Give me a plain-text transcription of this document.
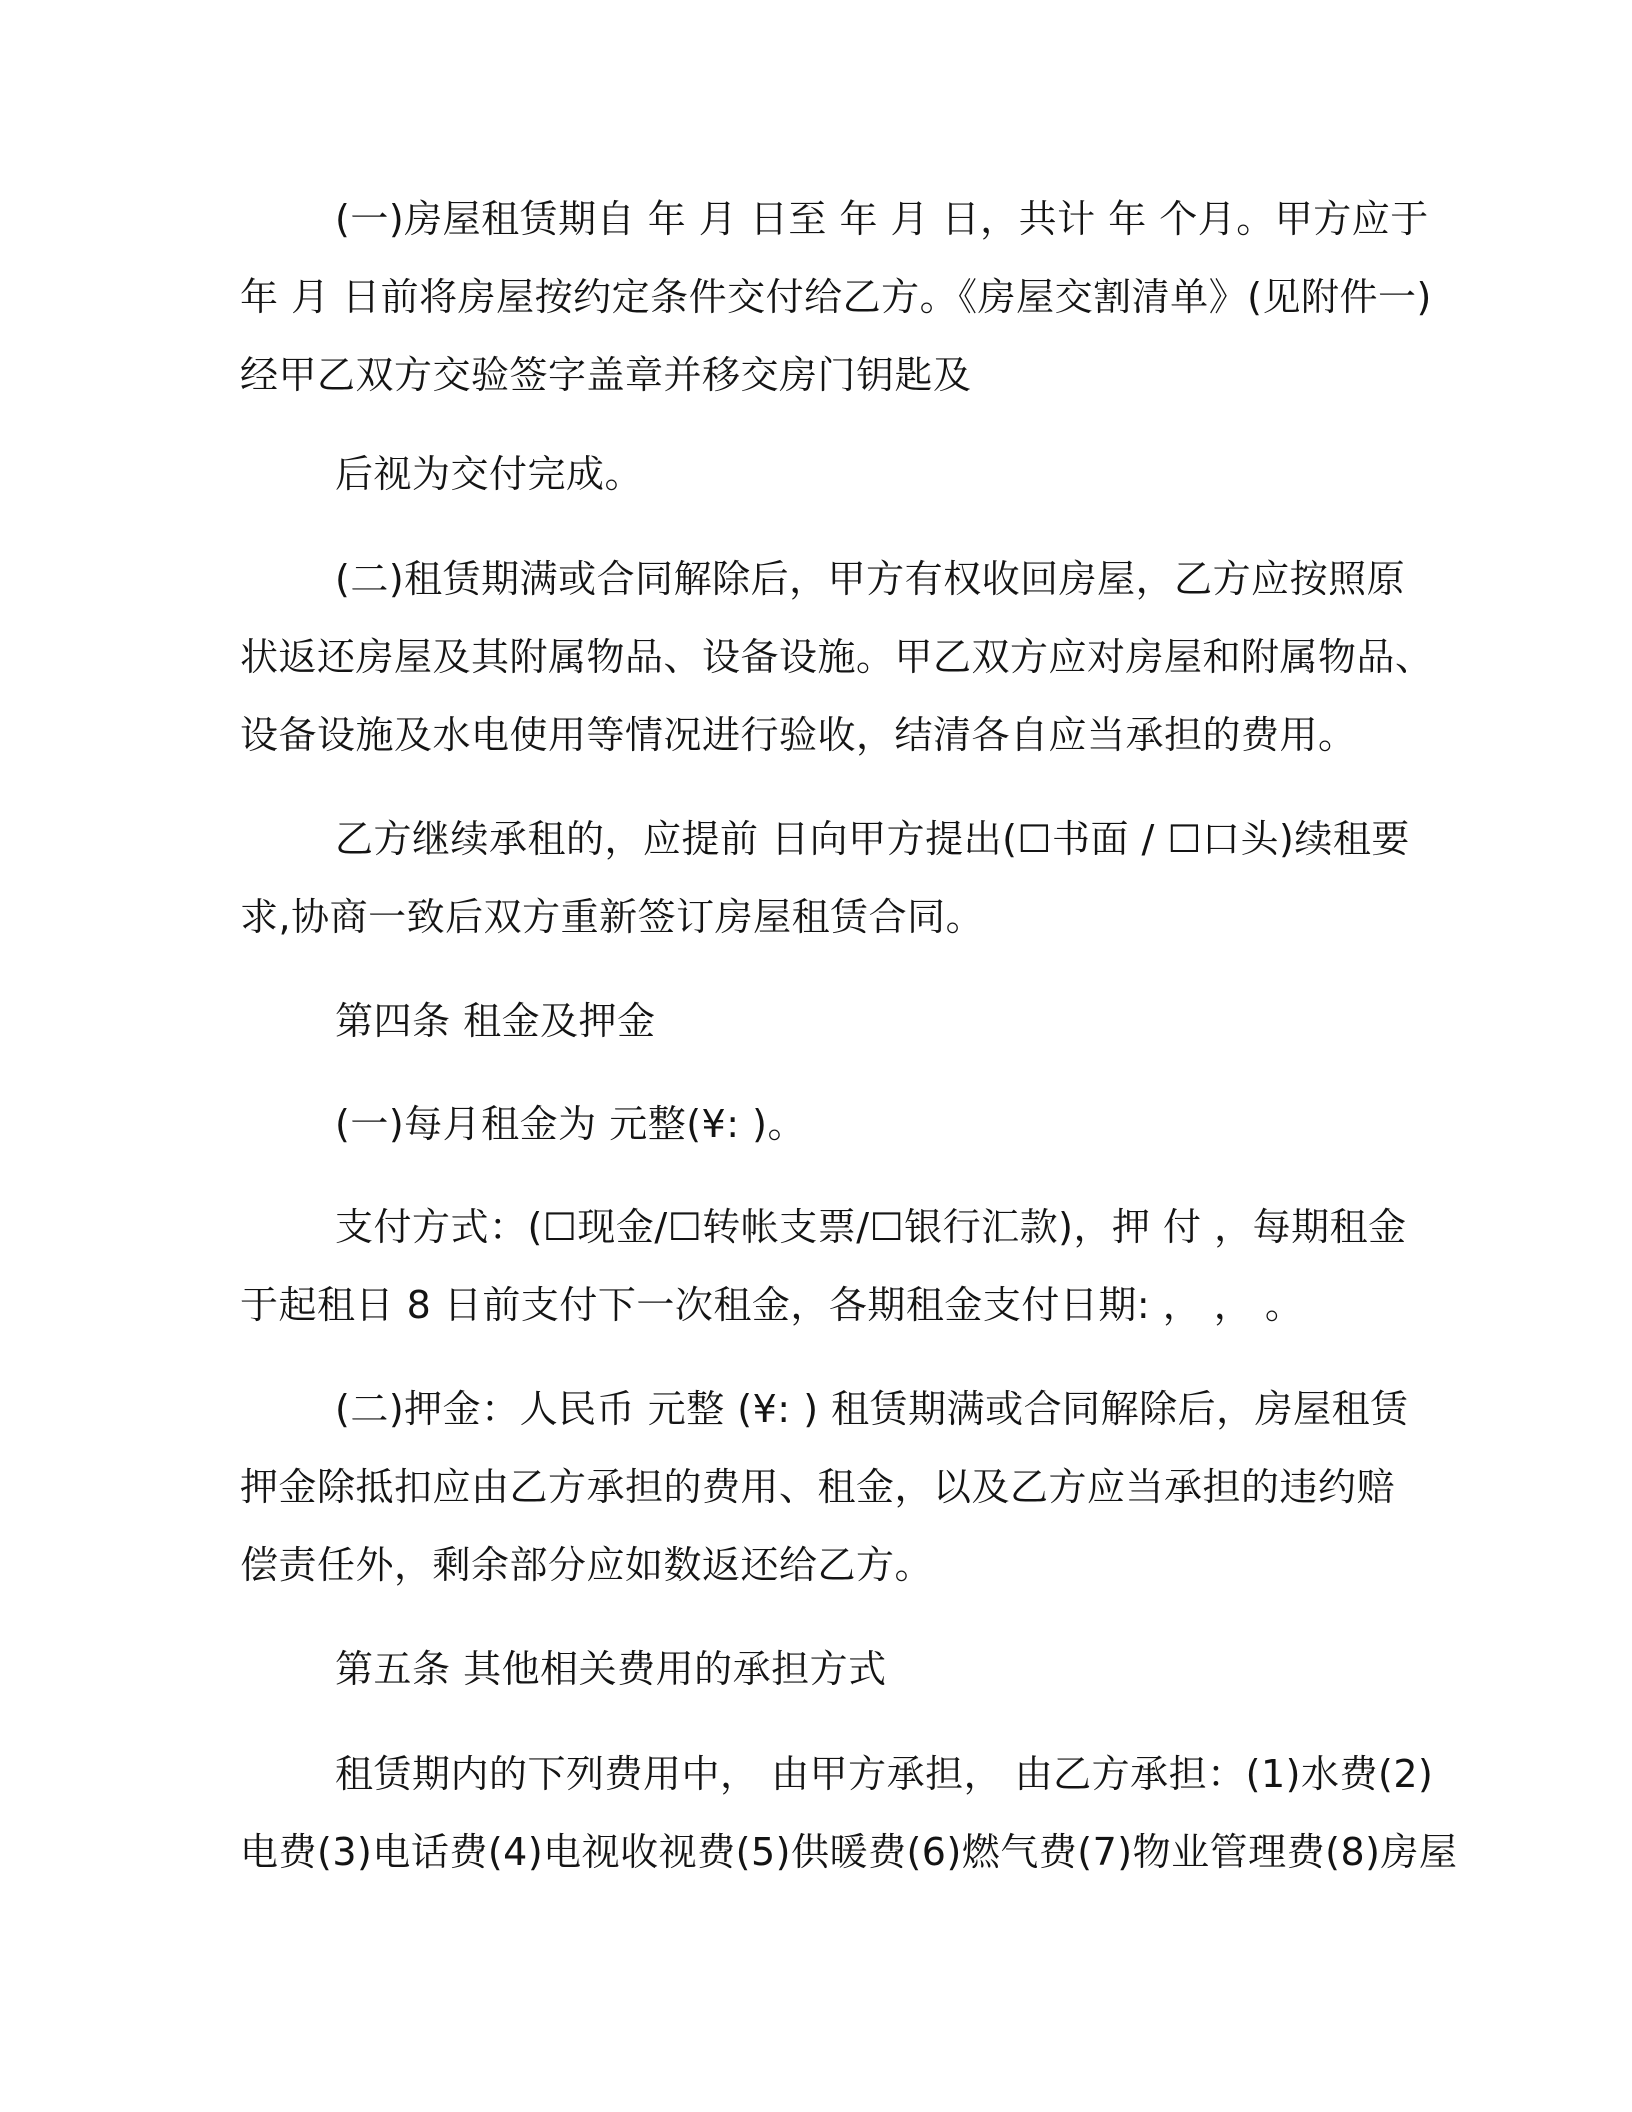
(一)房屋租赁期自 年 月 日至 年 月 日，共计 年 个月。甲方应于
年 月 日前将房屋按约定条件交付给乙方。《房屋交割清单》(见附件一)
经甲乙双方交验签字盖章并移交房门钥匙及
后视为交付完成。
(二)租赁期满或合同解除后，甲方有权收回房屋，乙方应按照原
状返还房屋及其附属物品、设备设施。甲乙双方应对房屋和附属物品、
设备设施及水电使用等情况进行验收，结清各自应当承担的费用。
乙方继续承租的，应提前 日向甲方提出(☐书面 / ☐口头)续租要
求,协商一致后双方重新签订房屋租赁合同。
第四条 租金及押金
(一)每月租金为 元整(¥: )。
支付方式：(☐现金/☐转帐支票/☐银行汇款)，押 付 ，每期租金
于起租日 8 日前支付下一次租金，各期租金支付日期: ， ， 。
(二)押金：人民币 元整 (¥: ) 租赁期满或合同解除后，房屋租赁
押金除抵扣应由乙方承担的费用、租金，以及乙方应当承担的违约赔
偿责任外，剩余部分应如数返还给乙方。
第五条 其他相关费用的承担方式
租赁期内的下列费用中， 由甲方承担， 由乙方承担：(1)水费(2)
电费(3)电话费(4)电视收视费(5)供暖费(6)燃气费(7)物业管理费(8)房屋
